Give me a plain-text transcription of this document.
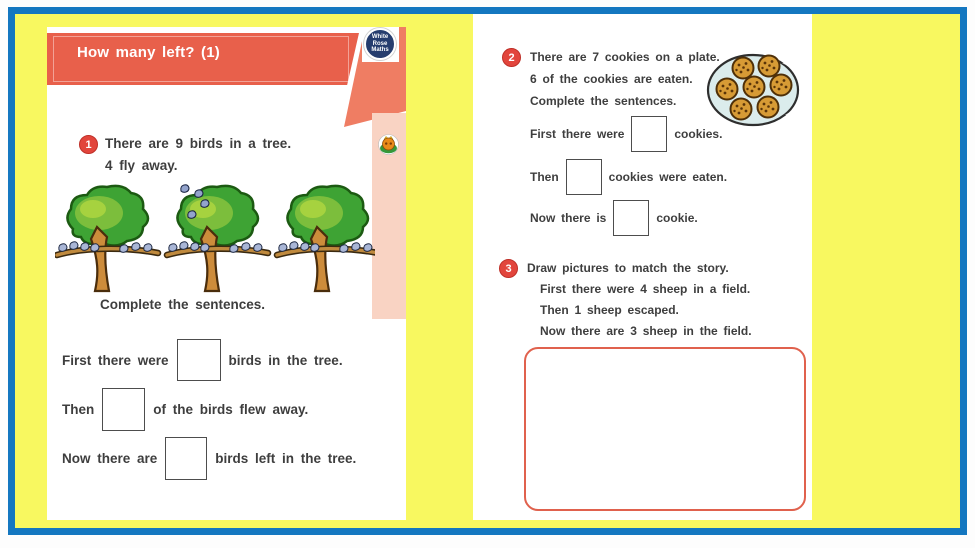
How many left? (1)
White
Rose
Maths
1 There are 9 birds in a tree.
4 fly away.
Complete the sentences.
First there were	birds in the tree.
Then	of the birds flew away.
Now there are	birds left in the tree.
2 There are 7 cookies on a plate.
6 of the cookies are eaten.
Complete the sentences.
First there were	cookies.
Then	cookies were eaten.
Now there is	cookie.
3 Draw pictures to match the story.
First there were 4 sheep in a field.
Then 1 sheep escaped.
Now there are 3 sheep in the field.
